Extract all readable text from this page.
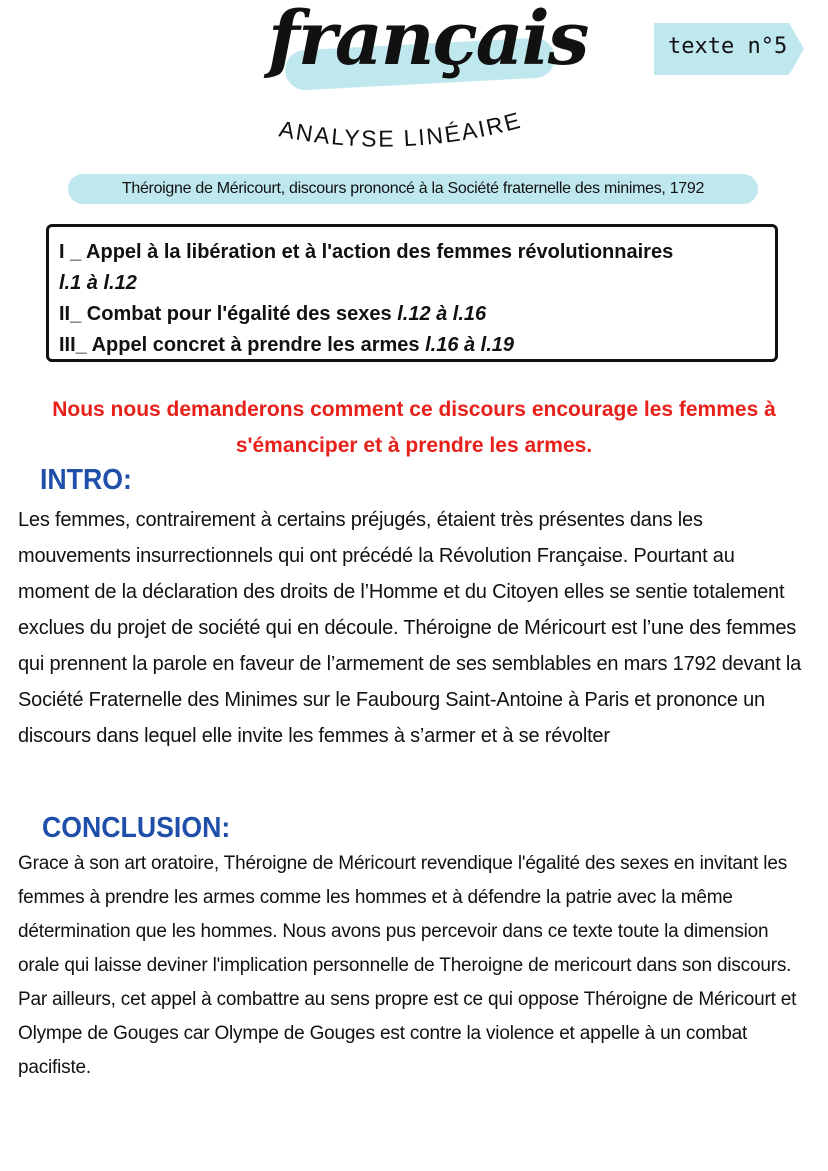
français
ANALYSE LINÉAIRE
texte n°5
Théroigne de Méricourt, discours prononcé à la Société fraternelle des minimes, 1792
I _ Appel à la libération et à l'action des femmes révolutionnaires
l.1 à l.12
II_ Combat pour l'égalité des sexes l.12 à l.16
III_ Appel concret à prendre les armes l.16 à l.19
Nous nous demanderons comment ce discours encourage les femmes à s'émanciper et à prendre les armes.
INTRO:
Les femmes, contrairement à certains préjugés, étaient très présentes dans les mouvements insurrectionnels qui ont précédé la Révolution Française. Pourtant au moment de la déclaration des droits de l’Homme et du Citoyen elles se sentie totalement exclues du projet de société qui en découle. Théroigne de Méricourt est l’une des femmes qui prennent la parole en faveur de l’armement de ses semblables en mars 1792 devant la Société Fraternelle des Minimes sur le Faubourg Saint-Antoine à Paris et prononce un discours dans lequel elle invite les femmes à s’armer et à se révolter
CONCLUSION:
Grace à son art oratoire, Théroigne de Méricourt revendique l'égalité des sexes en invitant les femmes à prendre les armes comme les hommes et à défendre la patrie avec la même détermination que les hommes. Nous avons pus percevoir dans ce texte toute la dimension orale qui laisse deviner l'implication personnelle de Theroigne de mericourt dans son discours.
Par ailleurs, cet appel à combattre au sens propre est ce qui oppose Théroigne de Méricourt et Olympe de Gouges car Olympe de Gouges est contre la violence et appelle à un combat pacifiste.
